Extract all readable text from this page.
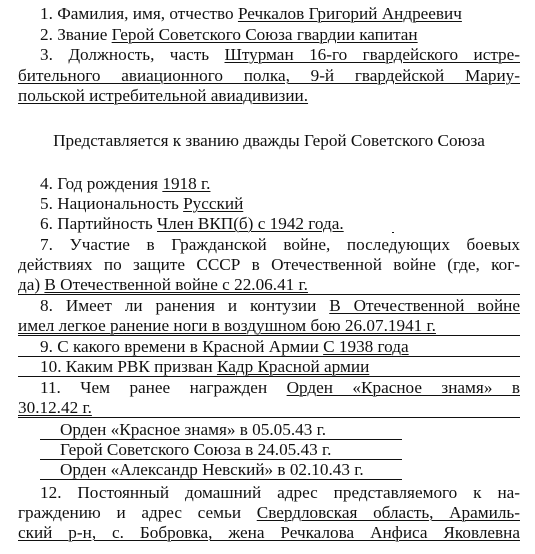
1. Фамилия, имя, отчество Речкалов Григорий Андреевич
2. Звание Герой Советского Союза гвардии капитан
3. Должность, часть Штурман 16-го гвардейского истре-
бительного авиационного полка, 9-й гвардейской Мариу-
польской истребительной авиадивизии.
Представляется к званию дважды Герой Советского Союза
4. Год рождения 1918 г.
5. Национальность Русский
6. Партийность Член ВКП(б) с 1942 года.
7. Участие в Гражданской войне, последующих боевых
действиях по защите СССР в Отечественной войне (где, ког-
да) В Отечественной войне с 22.06.41 г.
8. Имеет ли ранения и контузии В Отечественной войне
имел легкое ранение ноги в воздушном бою 26.07.1941 г.
9. С какого времени в Красной Армии С 1938 года
10. Каким РВК призван Кадр Красной армии
11. Чем ранее награжден Орден «Красное знамя» в
30.12.42 г.
Орден «Красное знамя» в 05.05.43 г.
Герой Советского Союза в 24.05.43 г.
Орден «Александр Невский» в 02.10.43 г.
12. Постоянный домашний адрес представляемого к на-
граждению и адрес семьи Свердловская область, Арамиль-
ский р-н, с. Бобровка, жена Речкалова Анфиса Яковлевна
